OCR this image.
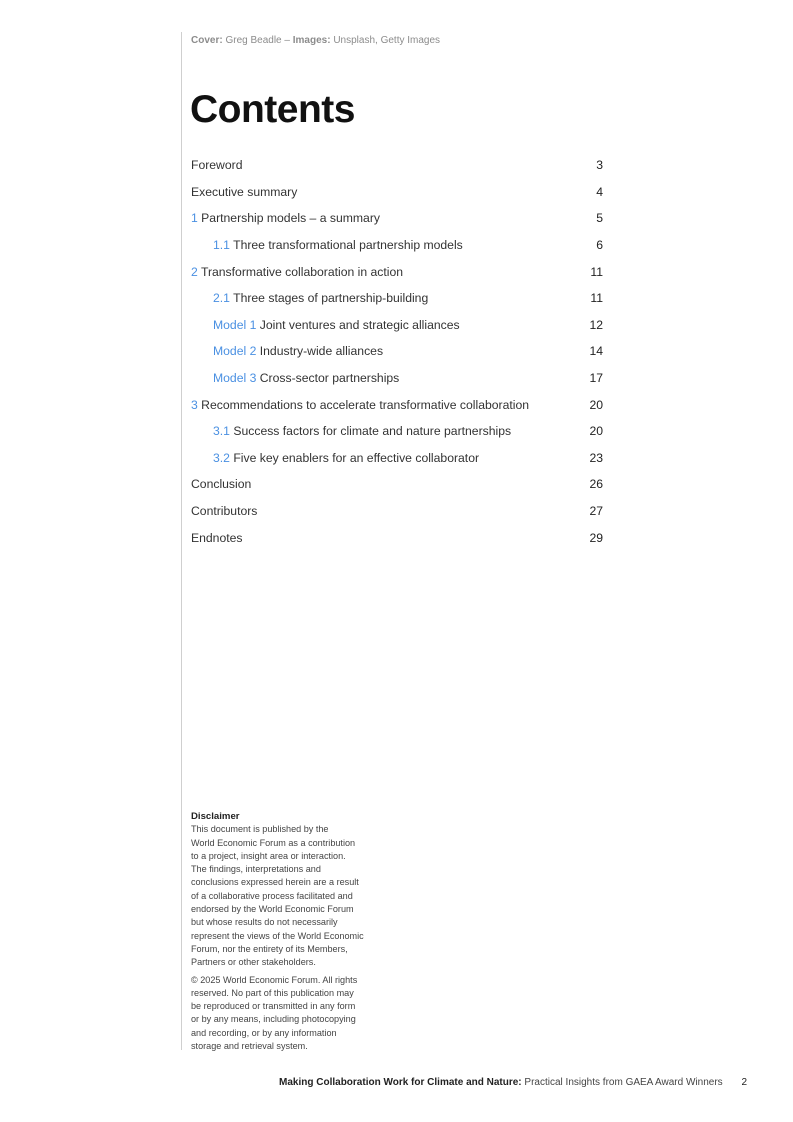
Cover: Greg Beadle – Images: Unsplash, Getty Images
Contents
Foreword	3
Executive summary	4
1 Partnership models – a summary	5
1.1 Three transformational partnership models	6
2 Transformative collaboration in action	11
2.1 Three stages of partnership-building	11
Model 1 Joint ventures and strategic alliances	12
Model 2 Industry-wide alliances	14
Model 3 Cross-sector partnerships	17
3 Recommendations to accelerate transformative collaboration	20
3.1 Success factors for climate and nature partnerships	20
3.2 Five key enablers for an effective collaborator	23
Conclusion	26
Contributors	27
Endnotes	29
Disclaimer

This document is published by the
World Economic Forum as a contribution
to a project, insight area or interaction.
The findings, interpretations and
conclusions expressed herein are a result
of a collaborative process facilitated and
endorsed by the World Economic Forum
but whose results do not necessarily
represent the views of the World Economic
Forum, nor the entirety of its Members,
Partners or other stakeholders.

© 2025 World Economic Forum. All rights
reserved. No part of this publication may
be reproduced or transmitted in any form
or by any means, including photocopying
and recording, or by any information
storage and retrieval system.

Making Collaboration Work for Climate and Nature: Practical Insights from GAEA Award Winners 2
